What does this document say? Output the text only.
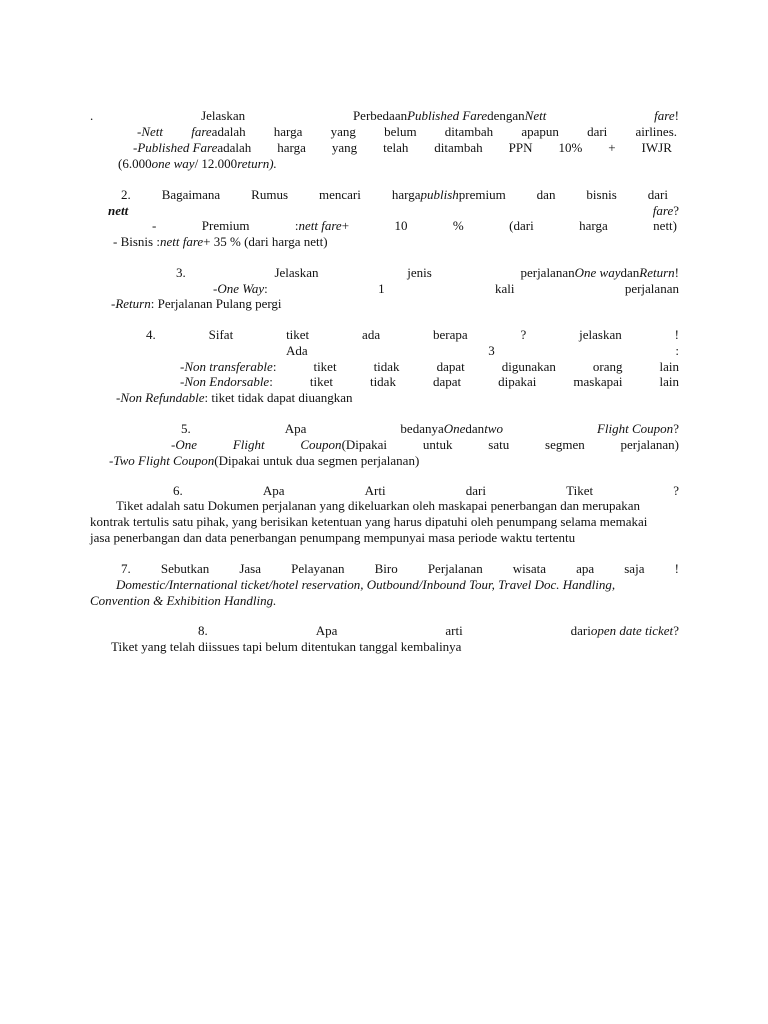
.	Jelaskan	PerbedaanPublished FaredenganNett	fare!
-Nett fareadalah harga yang belum ditambah apapun dari airlines.
-Published Fareadalah harga yang telah ditambah PPN 10% + IWJR
(6.000one way/ 12.000return).
2. Bagaimana Rumus mencari hargapublishpremium dan bisnis dari
nett	fare?
-	Premium	:nett fare+	10	%	(dari	harga	nett)
- Bisnis :nett fare+ 35 % (dari harga nett)
3.	Jelaskan	jenis	perjalananOne waydanReturn!
-One Way:	1	kali	perjalanan
-Return: Perjalanan Pulang pergi
4.	Sifat	tiket	ada	berapa	?	jelaskan	!
Ada	3	:
-Non transferable:	tiket	tidak	dapat	digunakan	orang	lain
-Non Endorsable:	tiket	tidak	dapat	dipakai	maskapai	lain
-Non Refundable: tiket tidak dapat diuangkan
5.	Apa	bedanyaOnedantwo	Flight Coupon?
-One	Flight	Coupon(Dipakai	untuk	satu	segmen	perjalanan)
-Two Flight Coupon(Dipakai untuk dua segmen perjalanan)
6.	Apa	Arti	dari	Tiket	?
Tiket adalah satu Dokumen perjalanan yang dikeluarkan oleh maskapai penerbangan dan merupakan
kontrak tertulis satu pihak, yang berisikan ketentuan yang harus dipatuhi oleh penumpang selama memakai
jasa penerbangan dan data penerbangan penumpang mempunyai masa periode waktu tertentu
7. Sebutkan Jasa Pelayanan Biro Perjalanan wisata apa saja !
Domestic/International ticket/hotel reservation, Outbound/Inbound Tour, Travel Doc. Handling,
Convention & Exhibition Handling.
8.	Apa	arti	dariopen date ticket?
Tiket yang telah diissues tapi belum ditentukan tanggal kembalinya
